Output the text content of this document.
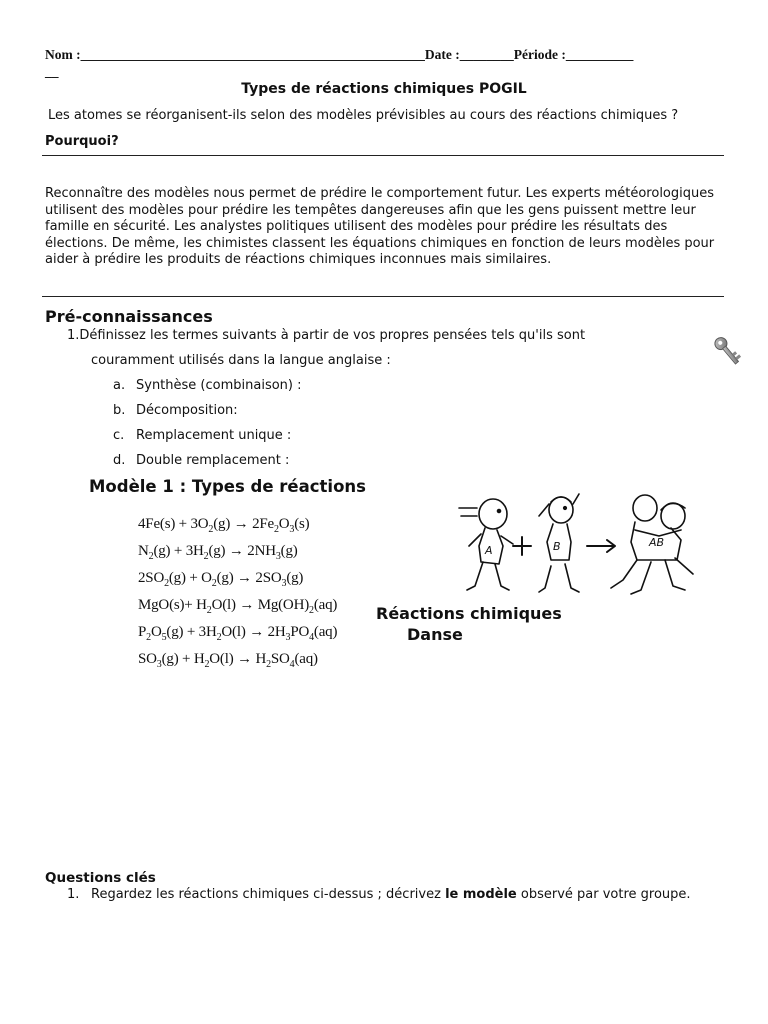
Nom :___________________________________________________Date :________Période :__________
__
Types de réactions chimiques POGIL
Les atomes se réorganisent-ils selon des modèles prévisibles au cours des réactions chimiques ?
Pourquoi?
Reconnaître des modèles nous permet de prédire le comportement futur. Les experts météorologiques utilisent des modèles pour prédire les tempêtes dangereuses afin que les gens puissent mettre leur famille en sécurité. Les analystes politiques utilisent des modèles pour prédire les résultats des élections. De même, les chimistes classent les équations chimiques en fonction de leurs modèles pour aider à prédire les produits de réactions chimiques inconnues mais similaires.
Pré-connaissances
1.Définissez les termes suivants à partir de vos propres pensées tels qu'ils sont
couramment utilisés dans la langue anglaise :
a. Synthèse (combinaison) :
b. Décomposition:
c. Remplacement unique :
d. Double remplacement :
Modèle 1 : Types de réactions
$4Fe(s) + 3O_2(g) \to 2Fe_2O_3(s)$
$N_2(g) + 3H_2(g) \to 2NH_3(g)$
$2SO_2(g) + O_2(g) \to 2SO_3(g)$
$MgO(s)+ H_2O(l) \to Mg(OH)_2(aq)$
$P_2O_5(g) + 3H_2O(l) \to 2H_3PO_4(aq)$
$SO_3(g) + H_2O(l) \to H_2SO_4(aq)$
A	B	AB
Réactions chimiques
Danse
Questions clés
1. Regardez les réactions chimiques ci-dessus ; décrivez le modèle observé par votre groupe.
